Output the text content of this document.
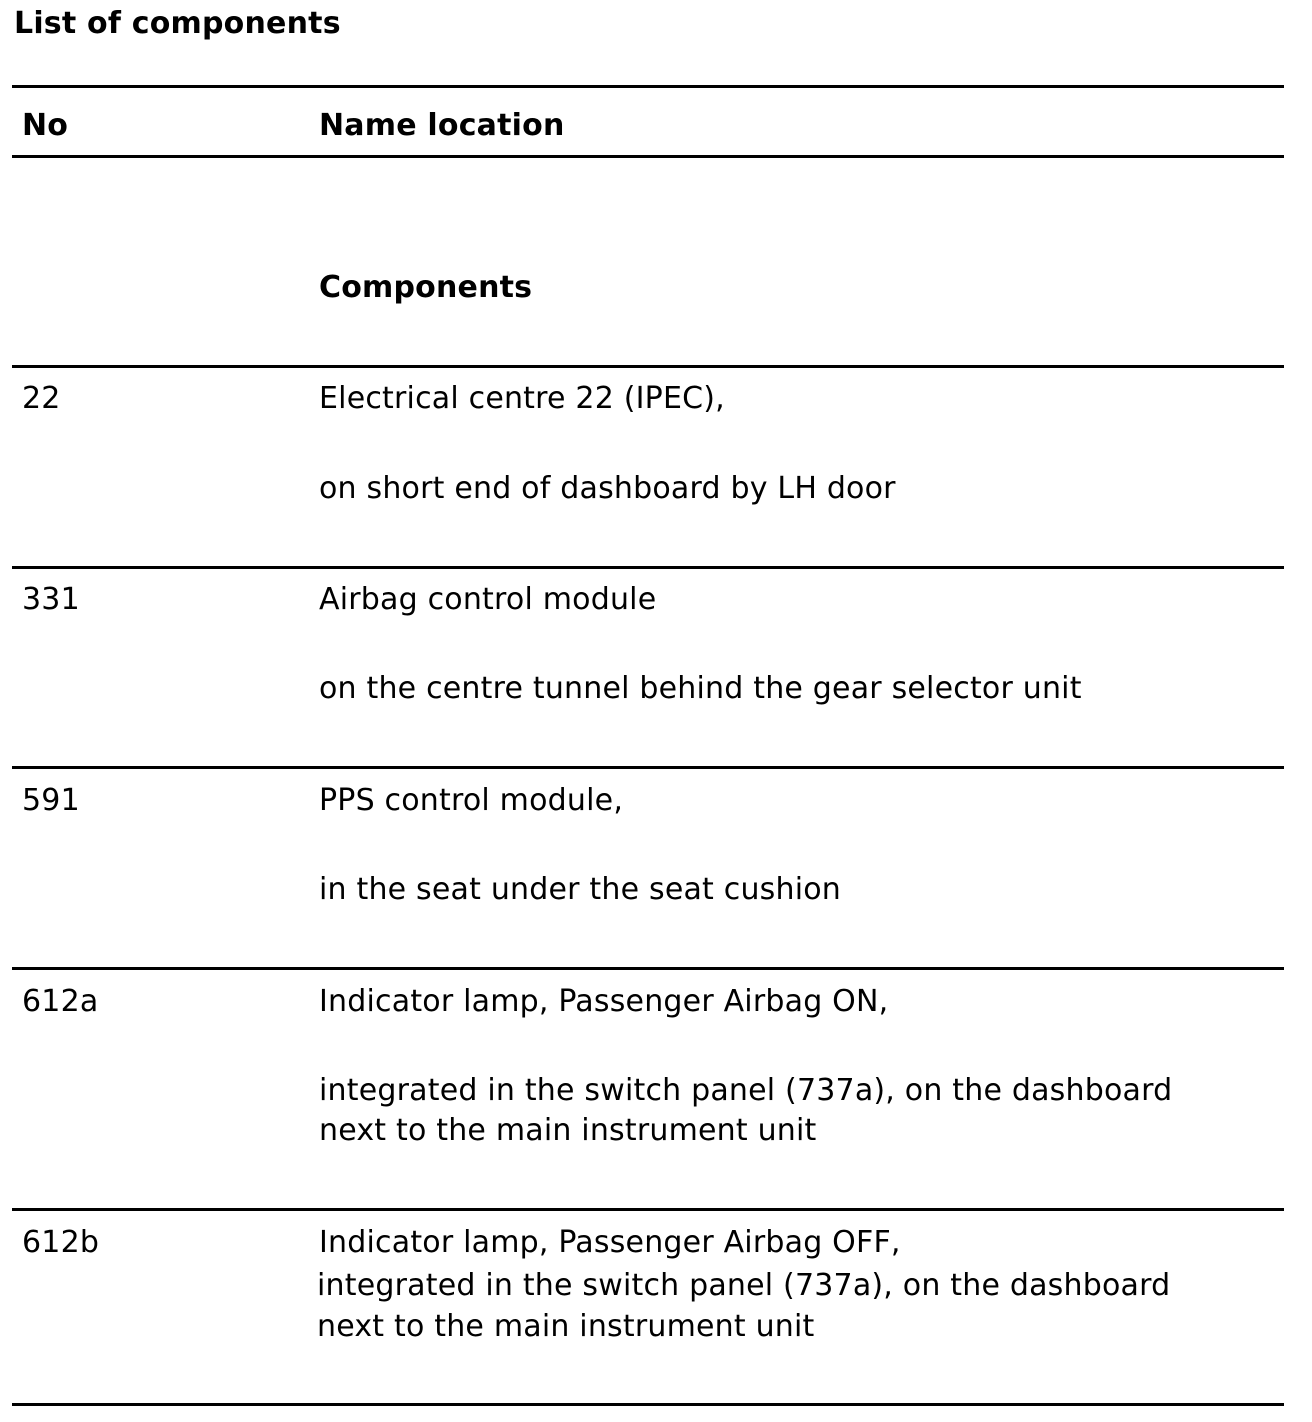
List of components
No	Name location
Components
22	Electrical centre 22 (IPEC),
on short end of dashboard by LH door
331	Airbag control module
on the centre tunnel behind the gear selector unit
591	PPS control module,
in the seat under the seat cushion
612a	Indicator lamp, Passenger Airbag ON,
integrated in the switch panel (737a), on the dashboard
next to the main instrument unit
612b	Indicator lamp, Passenger Airbag OFF,
integrated in the switch panel (737a), on the dashboard
next to the main instrument unit
